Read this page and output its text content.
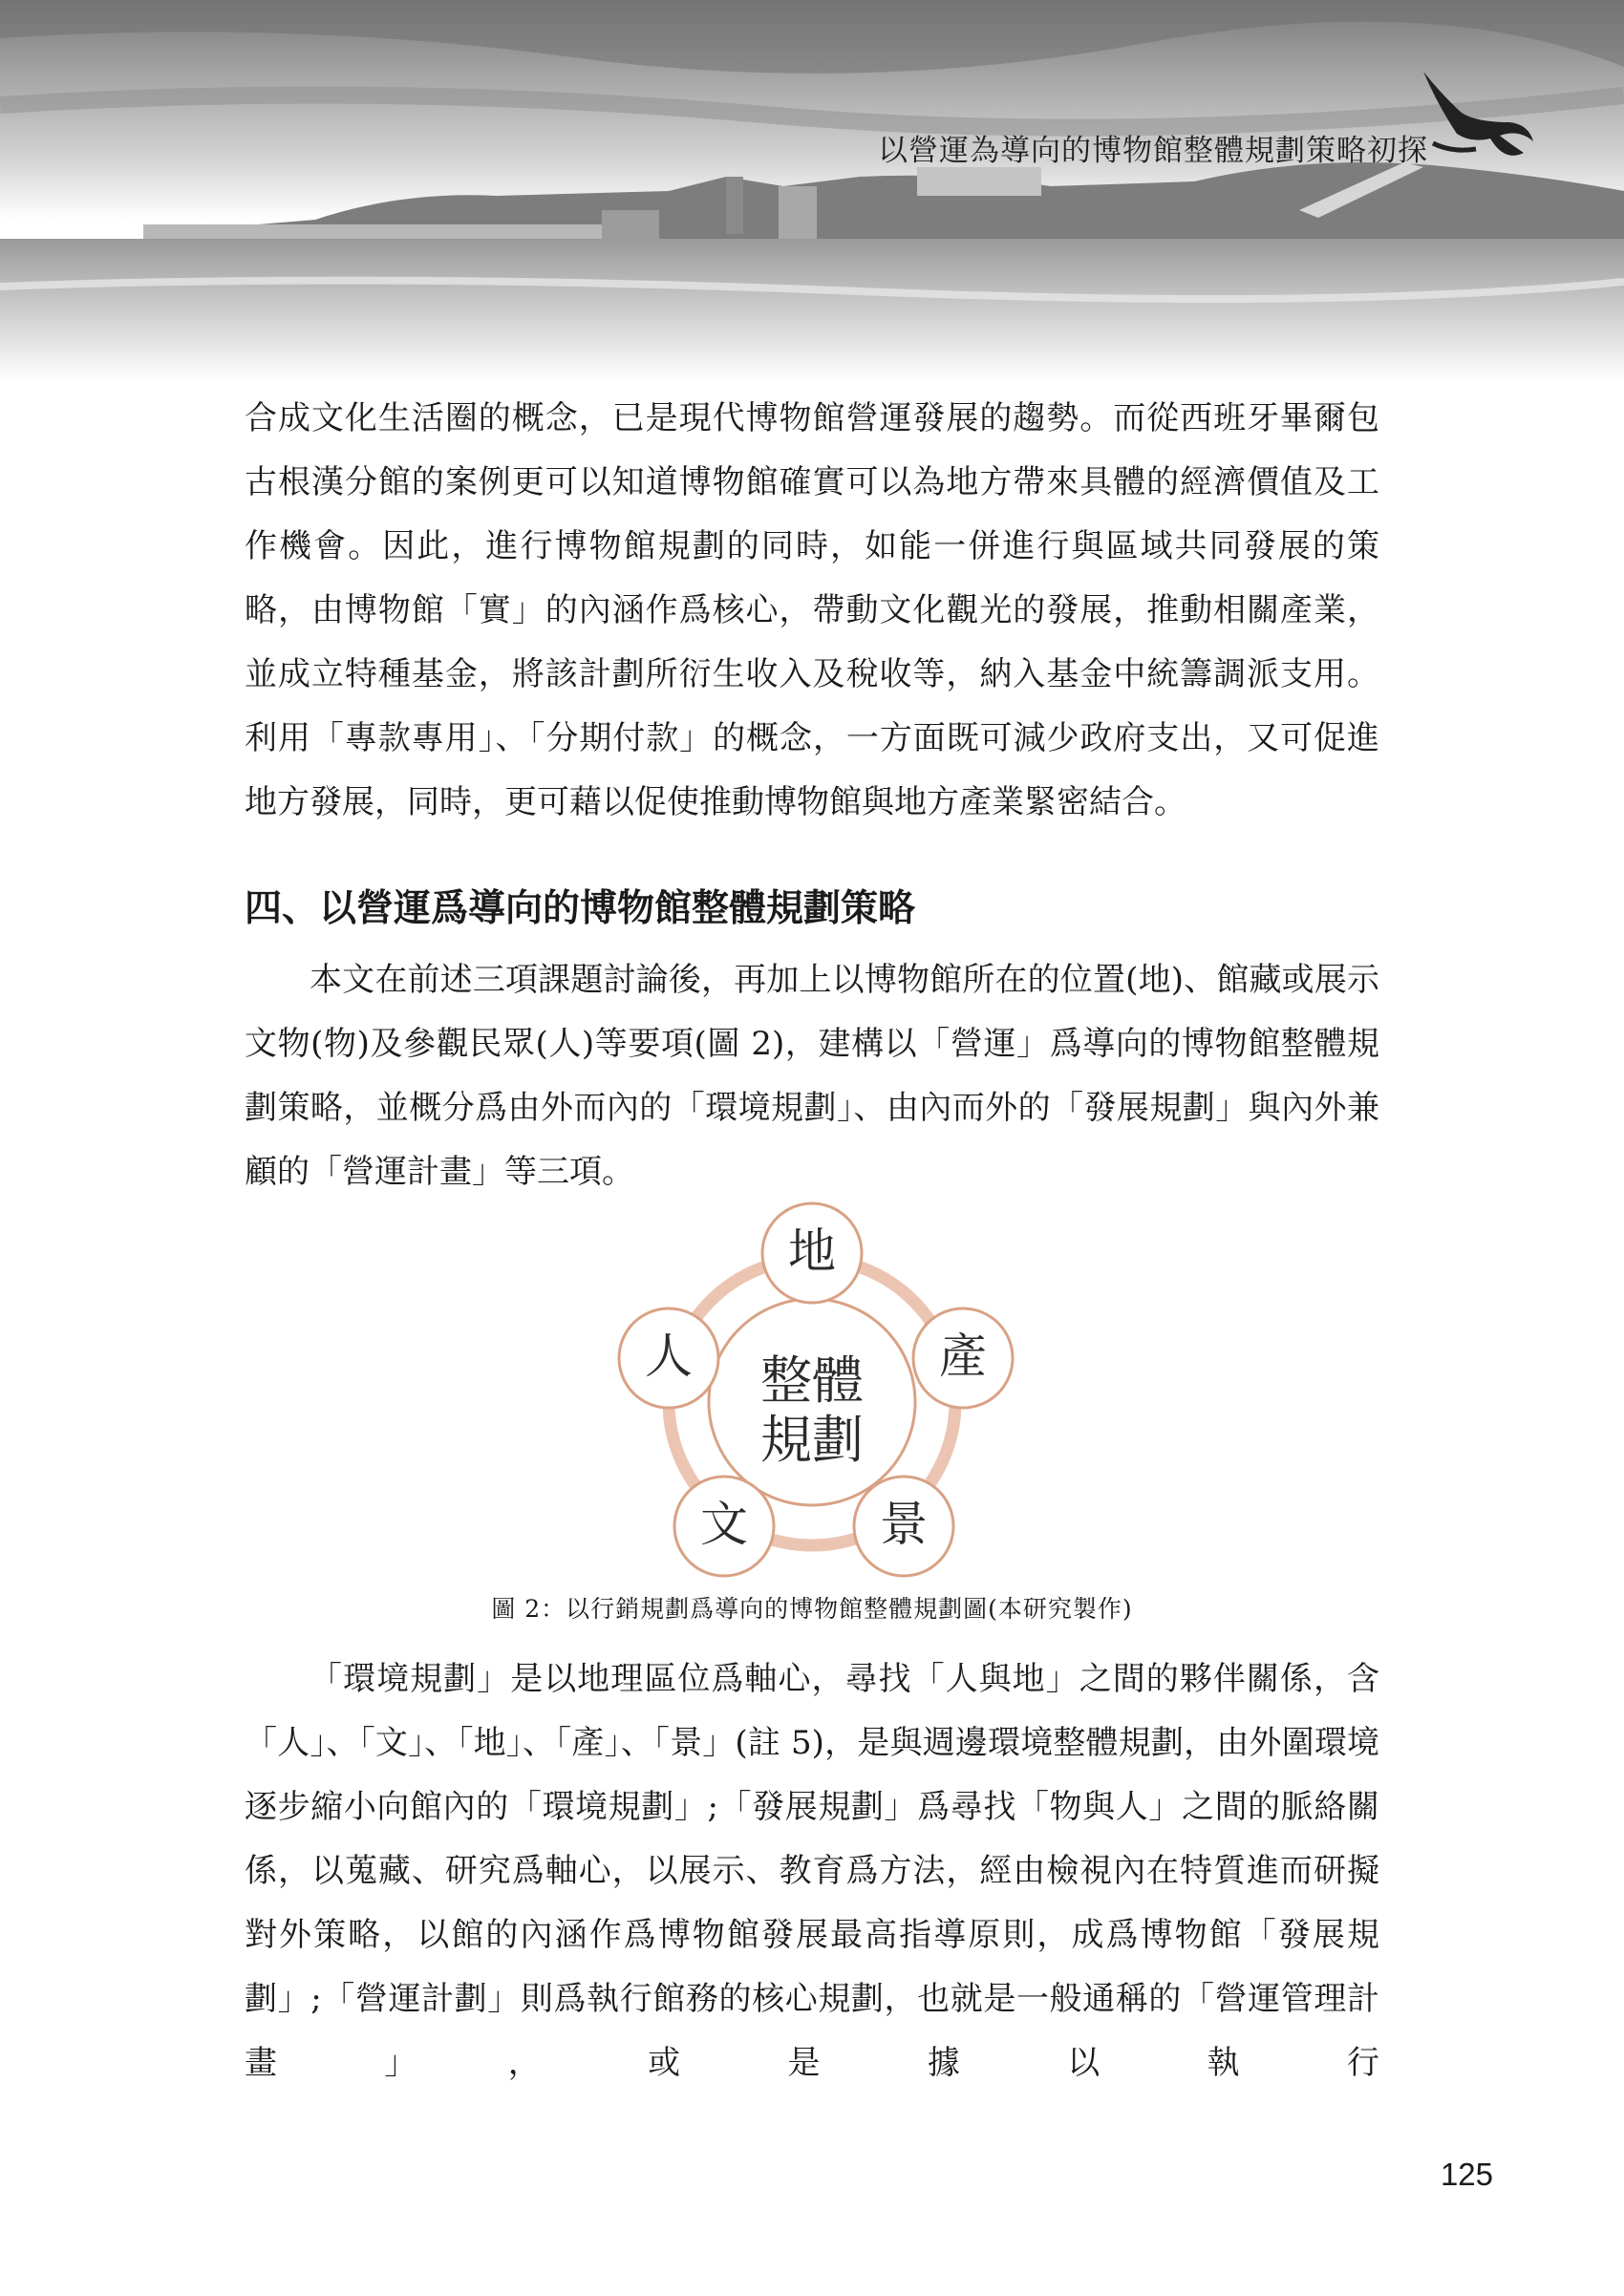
以營運為導向的博物館整體規劃策略初探

合成文化生活圈的概念，已是現代博物館營運發展的趨勢。而從西班牙畢爾包古根漢分館的案例更可以知道博物館確實可以為地方帶來具體的經濟價值及工作機會。因此，進行博物館規劃的同時，如能一併進行與區域共同發展的策略，由博物館「實」的內涵作爲核心，帶動文化觀光的發展，推動相關產業，並成立特種基金，將該計劃所衍生收入及稅收等，納入基金中統籌調派支用。利用「專款專用」、「分期付款」的概念，一方面既可減少政府支出，又可促進地方發展，同時，更可藉以促使推動博物館與地方產業緊密結合。

四、以營運爲導向的博物館整體規劃策略

本文在前述三項課題討論後，再加上以博物館所在的位置(地)、館藏或展示文物(物)及參觀民眾(人)等要項(圖 2)，建構以「營運」爲導向的博物館整體規劃策略，並概分爲由外而內的「環境規劃」、由內而外的「發展規劃」與內外兼顧的「營運計畫」等三項。

整體
規劃
地
產
景
文
人
圖 2：以行銷規劃爲導向的博物館整體規劃圖(本研究製作)

「環境規劃」是以地理區位爲軸心，尋找「人與地」之間的夥伴關係，含「人」、「文」、「地」、「產」、「景」(註 5)，是與週邊環境整體規劃，由外圍環境逐步縮小向館內的「環境規劃」;「發展規劃」爲尋找「物與人」之間的脈絡關係，以蒐藏、研究爲軸心，以展示、教育爲方法，經由檢視內在特質進而研擬對外策略，以館的內涵作爲博物館發展最高指導原則，成爲博物館「發展規劃」;「營運計劃」則爲執行館務的核心規劃，也就是一般通稱的「營運管理計畫」，或是據以執行

125
